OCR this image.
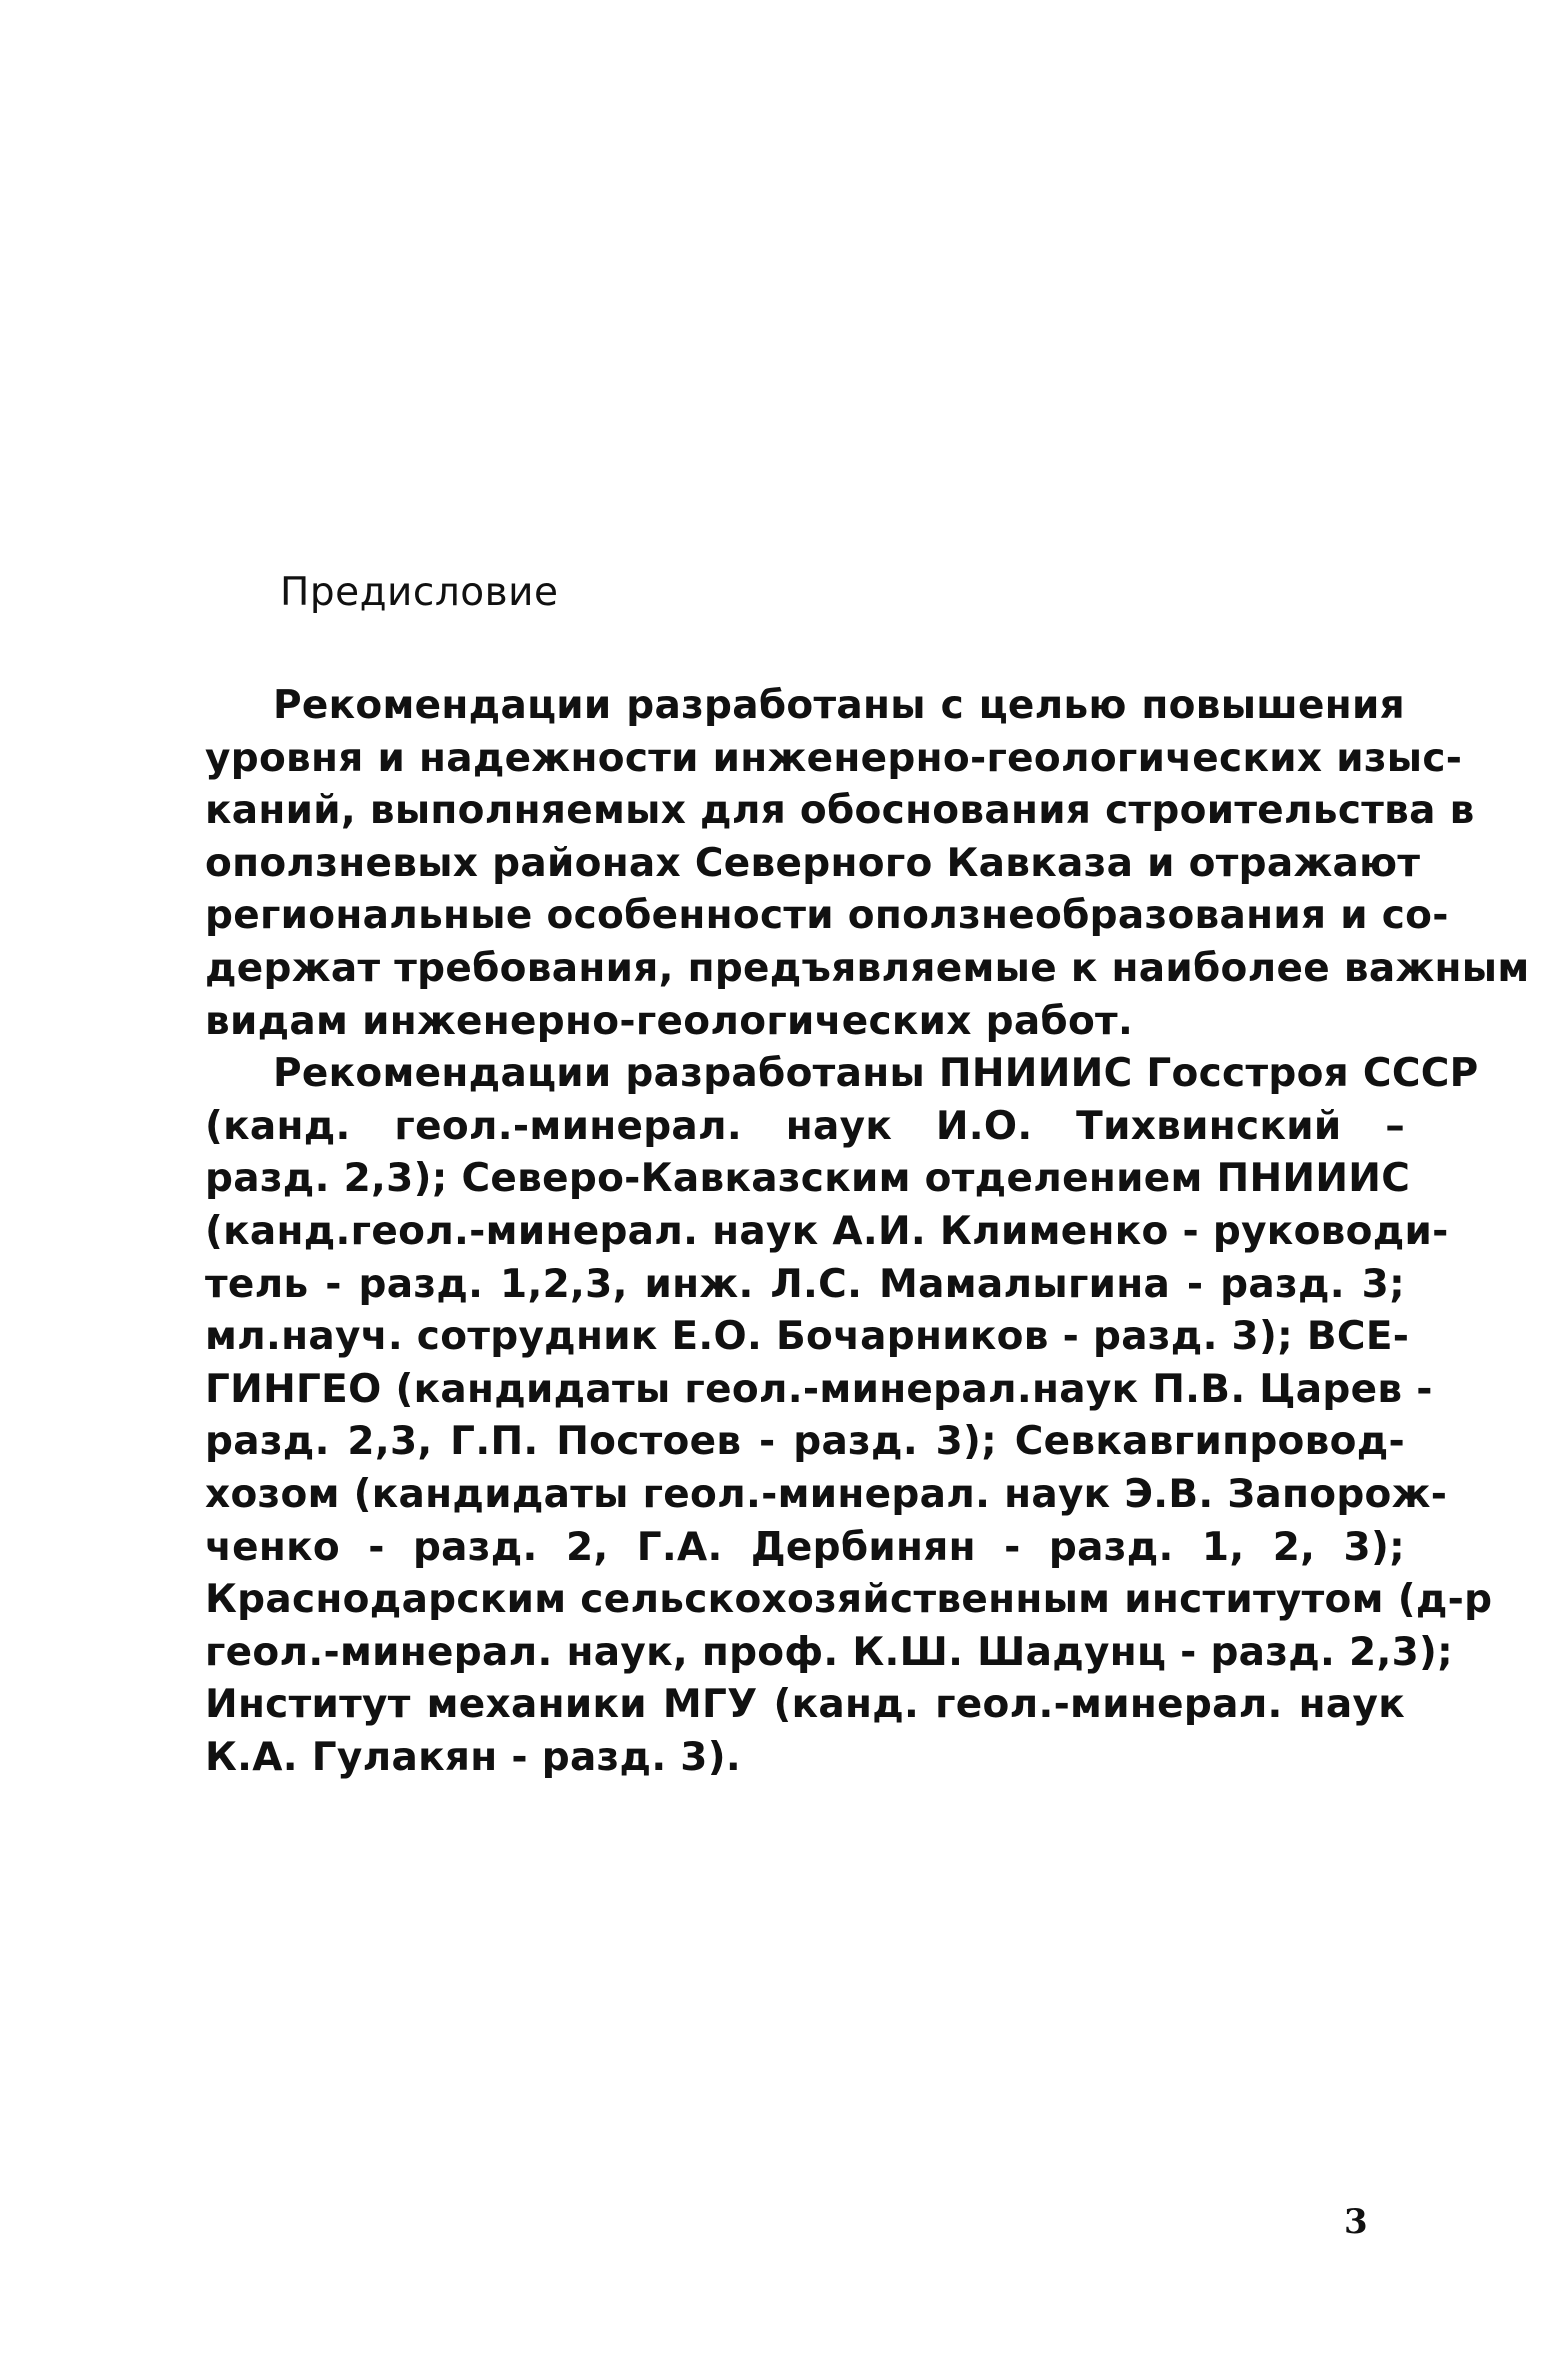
Предисловие
Рекомендации разработаны с целью повышения
уровня и надежности инженерно-геологических изыс-
каний, выполняемых для обоснования строительства в
оползневых районах Северного Кавказа и отражают
региональные особенности оползнеобразования и со-
держат требования, предъявляемые к наиболее важным
видам инженерно-геологических работ.
Рекомендации разработаны ПНИИИС Госстроя СССР
(канд. геол.-минерал. наук И.О. Тихвинский –
разд. 2,3); Северо-Кавказским отделением ПНИИИС
(канд.геол.-минерал. наук А.И. Клименко - руководи-
тель - разд. 1,2,3, инж. Л.С. Мамалыгина - разд. 3;
мл.науч. сотрудник Е.О. Бочарников - разд. 3); ВСЕ-
ГИНГЕО (кандидаты геол.-минерал.наук П.В. Царев -
разд. 2,3, Г.П. Постоев - разд. 3); Севкавгипровод-
хозом (кандидаты геол.-минерал. наук Э.В. Запорож-
ченко - разд. 2, Г.А. Дербинян - разд. 1, 2, 3);
Краснодарским сельскохозяйственным институтом (д-р
геол.-минерал. наук, проф. К.Ш. Шадунц - разд. 2,3);
Институт механики МГУ (канд. геол.-минерал. наук
К.А. Гулакян - разд. 3).
3
